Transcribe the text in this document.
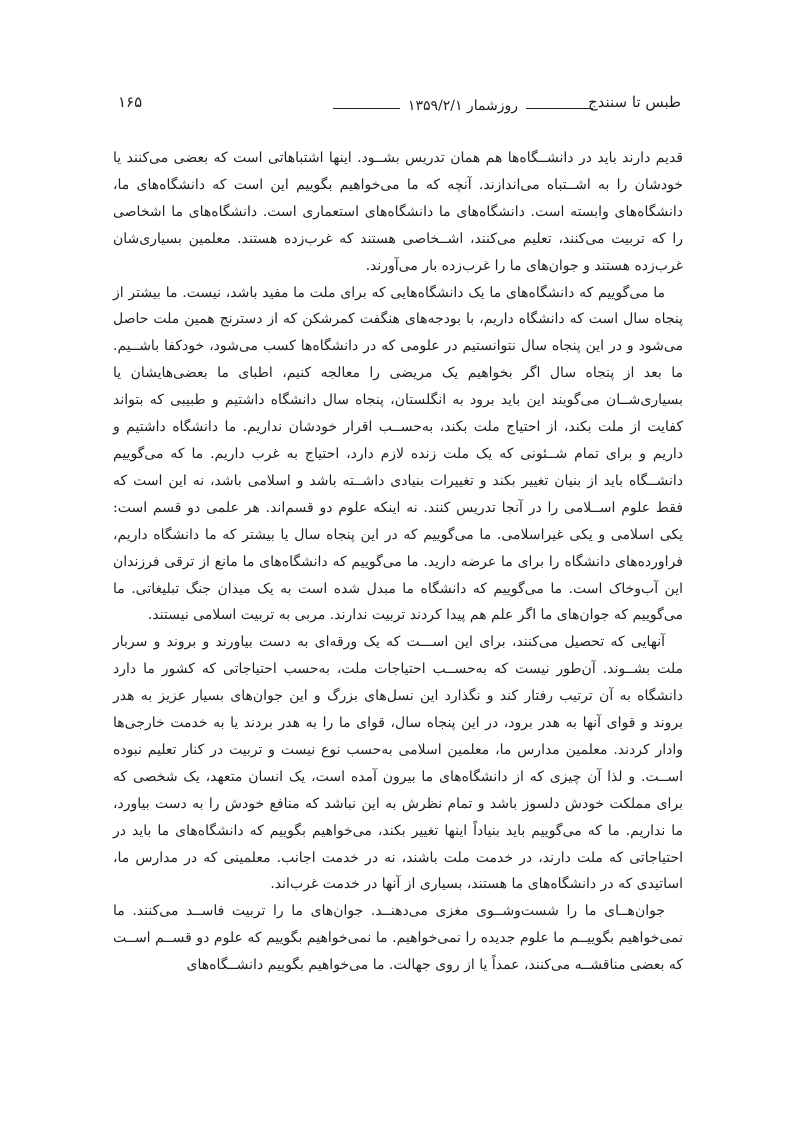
طبس تا سنندج
روزشمار ۱۳۵۹/۲/۱
۱۶۵

قدیم دارند باید در دانشــگاه‌ها هم همان تدریس بشــود. اینها اشتباهاتی است که بعضی می‌کنند یا خودشان را به اشــتباه می‌اندازند. آنچه که ما می‌خواهیم بگوییم این است که دانشگاه‌های ما، دانشگاه‌های وابسته است. دانشگاه‌های ما دانشگاه‌های استعماری است. دانشگاه‌های ما اشخاصی را که تربیت می‌کنند، تعلیم می‌کنند، اشــخاصی هستند که غرب‌زده هستند. معلمین بسیاری‌شان غرب‌زده هستند و جوان‌های ما را غرب‌زده بار می‌آورند.

ما می‌گوییم که دانشگاه‌های ما یک دانشگاه‌هایی که برای ملت ما مفید باشد، نیست. ما بیشتر از پنجاه سال است که دانشگاه داریم، با بودجه‌های هنگفت کمرشکن که از دسترنج همین ملت حاصل می‌شود و در این پنجاه سال نتوانستیم در علومی که در دانشگاه‌ها کسب می‌شود، خودکفا باشــیم. ما بعد از پنجاه سال اگر بخواهیم یک مریضی را معالجه کنیم، اطبای ما بعضی‌هایشان یا بسیاری‌شــان می‌گویند این باید برود به انگلستان، پنجاه سال دانشگاه داشتیم و طبیبی که بتواند کفایت از ملت بکند، از احتیاج ملت بکند، به‌حســب اقرار خودشان نداریم. ما دانشگاه داشتیم و داریم و برای تمام شــئونی که یک ملت زنده لازم دارد، احتیاج به غرب داریم. ما که می‌گوییم دانشــگاه باید از بنیان تغییر بکند و تغییرات بنیادی داشــته باشد و اسلامی باشد، نه این است که فقط علوم اســلامی را در آنجا تدریس کنند. نه اینکه علوم دو قسم‌اند. هر علمی دو قسم است: یکی اسلامی و یکی غیراسلامی. ما می‌گوییم که در این پنجاه سال یا بیشتر که ما دانشگاه داریم، فراورده‌های دانشگاه را برای ما عرضه دارید. ما می‌گوییم که دانشگاه‌های ما مانع از ترقی فرزندان این آب‌وخاک است. ما می‌گوییم که دانشگاه ما مبدل شده است به یک میدان جنگ تبلیغاتی. ما می‌گوییم که جوان‌های ما اگر علم هم پیدا کردند تربیت ندارند. مربی به تربیت اسلامی نیستند.

آنهایی که تحصیل می‌کنند، برای این اســـت که یک ورقه‌ای به دست بیاورند و بروند و سربار ملت بشــوند. آن‌طور نیست که به‌حســب احتیاجات ملت، به‌حسب احتیاجاتی که کشور ما دارد دانشگاه به آن ترتیب رفتار کند و نگذارد این نسل‌های بزرگ و این جوان‌های بسیار عزیز به هدر بروند و قوای آنها به هدر برود، در این پنجاه سال، قوای ما را به هدر بردند یا به خدمت خارجی‌ها وادار کردند. معلمین مدارس ما، معلمین اسلامی به‌حسب نوع نیست و تربیت در کنار تعلیم نبوده اســت. و لذا آن چیزی که از دانشگاه‌های ما بیرون آمده است، یک انسان متعهد، یک شخصی که برای مملکت خودش دلسوز باشد و تمام نظرش به این نباشد که منافع خودش را به دست بیاورد، ما نداریم. ما که می‌گوییم باید بنیاداً اینها تغییر بکند، می‌خواهیم بگوییم که دانشگاه‌های ما باید در احتیاجاتی که ملت دارند، در خدمت ملت باشند، نه در خدمت اجانب. معلمینی که در مدارس ما، اساتیدی که در دانشگاه‌های ما هستند، بسیاری از آنها در خدمت غرب‌اند.

جوان‌هــای ما را شست‌وشــوی مغزی می‌دهنــد. جوان‌های ما را تربیت فاســد می‌کنند. ما نمی‌خواهیم بگوییــم ما علوم جدیده را نمی‌خواهیم. ما نمی‌خواهیم بگوییم که علوم دو قســم اســت که بعضی مناقشــه می‌کنند، عمداً یا از روی جهالت. ما می‌خواهیم بگوییم دانشــگاه‌های
